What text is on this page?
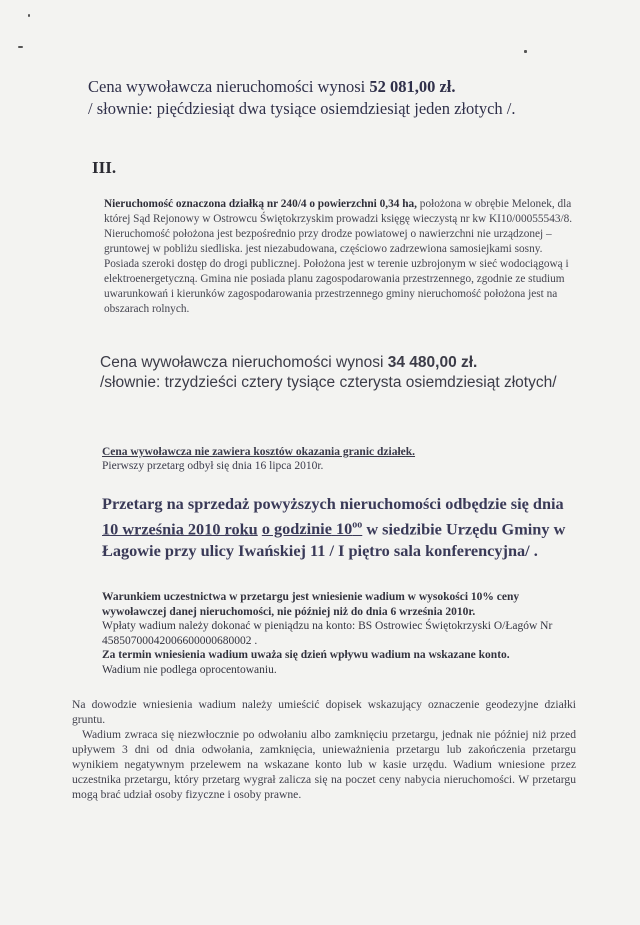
Cena wywoławcza nieruchomości wynosi 52 081,00 zł.
/ słownie: pięćdziesiąt dwa tysiące osiemdziesiąt jeden złotych /.
III.

Nieruchomość oznaczona działką nr 240/4 o powierzchni 0,34 ha, położona w obrębie Melonek, dla której Sąd Rejonowy w Ostrowcu Świętokrzyskim prowadzi księgę wieczystą nr kw KI10/00055543/8. Nieruchomość położona jest bezpośrednio przy drodze powiatowej o nawierzchni nie urządzonej – gruntowej w pobliżu siedliska. jest niezabudowana, częściowo zadrzewiona samosiejkami sosny. Posiada szeroki dostęp do drogi publicznej. Położona jest w terenie uzbrojonym w sieć wodociągową i elektroenergetyczną. Gmina nie posiada planu zagospodarowania przestrzennego, zgodnie ze studium uwarunkowań i kierunków zagospodarowania przestrzennego gminy nieruchomość położona jest na obszarach rolnych.

Cena wywoławcza nieruchomości wynosi 34 480,00 zł.
/słownie: trzydzieści cztery tysiące czterysta osiemdziesiąt złotych/
Cena wywoławcza nie zawiera kosztów okazania granic działek.
Pierwszy przetarg odbył się dnia 16 lipca 2010r.

Przetarg na sprzedaż powyższych nieruchomości odbędzie się dnia 10 września 2010 roku o godzinie $10^{oo}$ w siedzibie Urzędu Gminy w Łagowie przy ulicy Iwańskiej 11 / I piętro sala konferencyjna/ .

Warunkiem uczestnictwa w przetargu jest wniesienie wadium w wysokości 10% ceny wywoławczej danej nieruchomości, nie później niż do dnia 6 września 2010r.
Wpłaty wadium należy dokonać w pieniądzu na konto: BS Ostrowiec Świętokrzyski O/Łagów Nr 45850700042006600000680002 .
Za termin wniesienia wadium uważa się dzień wpływu wadium na wskazane konto.
Wadium nie podlega oprocentowaniu.
Na dowodzie wniesienia wadium należy umieścić dopisek wskazujący oznaczenie geodezyjne działki gruntu.
Wadium zwraca się niezwłocznie po odwołaniu albo zamknięciu przetargu, jednak nie później niż przed upływem 3 dni od dnia odwołania, zamknięcia, unieważnienia przetargu lub zakończenia przetargu wynikiem negatywnym przelewem na wskazane konto lub w kasie urzędu. Wadium wniesione przez uczestnika przetargu, który przetarg wygrał zalicza się na poczet ceny nabycia nieruchomości. W przetargu mogą brać udział osoby fizyczne i osoby prawne.
